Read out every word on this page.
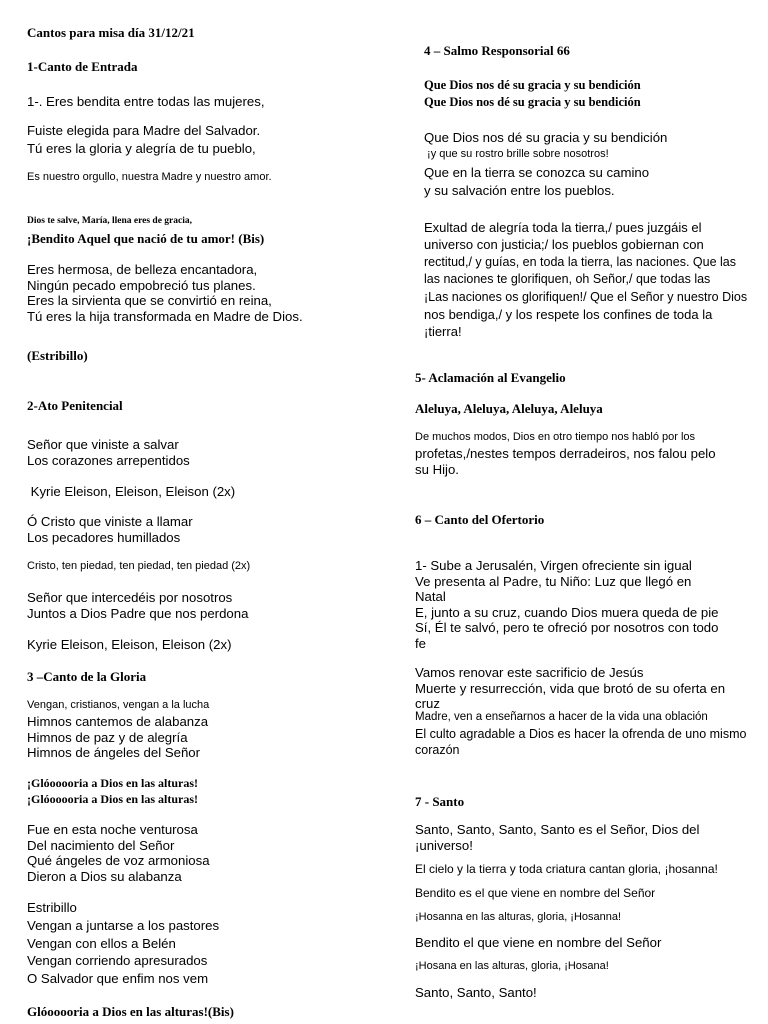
Cantos para misa día 31/12/21
1-Canto de Entrada
1-. Eres bendita entre todas las mujeres,
Fuiste elegida para Madre del Salvador.
Tú eres la gloria y alegría de tu pueblo,
Es nuestro orgullo, nuestra Madre y nuestro amor.
Dios te salve, María, llena eres de gracia,
¡Bendito Aquel que nació de tu amor! (Bis)
Eres hermosa, de belleza encantadora,
Ningún pecado empobreció tus planes.
Eres la sirvienta que se convirtió en reina,
Tú eres la hija transformada en Madre de Dios.
(Estribillo)
2-Ato Penitencial
Señor que viniste a salvar
Los corazones arrepentidos
Kyrie Eleison, Eleison, Eleison (2x)
Ó Cristo que viniste a llamar
Los pecadores humillados
Cristo, ten piedad, ten piedad, ten piedad (2x)
Señor que intercedéis por nosotros
Juntos a Dios Padre que nos perdona
Kyrie Eleison, Eleison, Eleison (2x)
3 –Canto de la Gloria
Vengan, cristianos, vengan a la lucha
Himnos cantemos de alabanza
Himnos de paz y de alegría
Himnos de ángeles del Señor
¡Glóooooria a Dios en las alturas!
¡Glóooooria a Dios en las alturas!
Fue en esta noche venturosa
Del nacimiento del Señor
Qué ángeles de voz armoniosa
Dieron a Dios su alabanza
Estribillo
Vengan a juntarse a los pastores
Vengan con ellos a Belén
Vengan corriendo apresurados
O Salvador que enfim nos vem
Glóooooria a Dios en las alturas!(Bis)
4 – Salmo Responsorial 66
Que Dios nos dé su gracia y su bendición
Que Dios nos dé su gracia y su bendición
Que Dios nos dé su gracia y su bendición
¡y que su rostro brille sobre nosotros!
Que en la tierra se conozca su camino
y su salvación entre los pueblos.
Exultad de alegría toda la tierra,/ pues juzgáis el
universo con justicia;/ los pueblos gobiernan con
rectitud,/ y guías, en toda la tierra, las naciones. Que las
las naciones te glorifiquen, oh Señor,/ que todas las
¡Las naciones os glorifiquen!/ Que el Señor y nuestro Dios
nos bendiga,/ y los respete los confines de toda la
¡tierra!
5- Aclamación al Evangelio
Aleluya, Aleluya, Aleluya, Aleluya
De muchos modos, Dios en otro tiempo nos habló por los
profetas,/nestes tempos derradeiros, nos falou pelo
su Hijo.
6 – Canto del Ofertorio
1- Sube a Jerusalén, Virgen ofreciente sin igual
Ve presenta al Padre, tu Niño: Luz que llegó en
Natal
E, junto a su cruz, cuando Dios muera queda de pie
Sí, Él te salvó, pero te ofreció por nosotros con todo
fe
Vamos renovar este sacrificio de Jesús
Muerte y resurrección, vida que brotó de su oferta en
cruz
Madre, ven a enseñarnos a hacer de la vida una oblación
El culto agradable a Dios es hacer la ofrenda de uno mismo
corazón
7 - Santo
Santo, Santo, Santo, Santo es el Señor, Dios del
¡universo!
El cielo y la tierra y toda criatura cantan gloria, ¡hosanna!
Bendito es el que viene en nombre del Señor
¡Hosanna en las alturas, gloria, ¡Hosanna!
Bendito el que viene en nombre del Señor
¡Hosana en las alturas, gloria, ¡Hosana!
Santo, Santo, Santo!
